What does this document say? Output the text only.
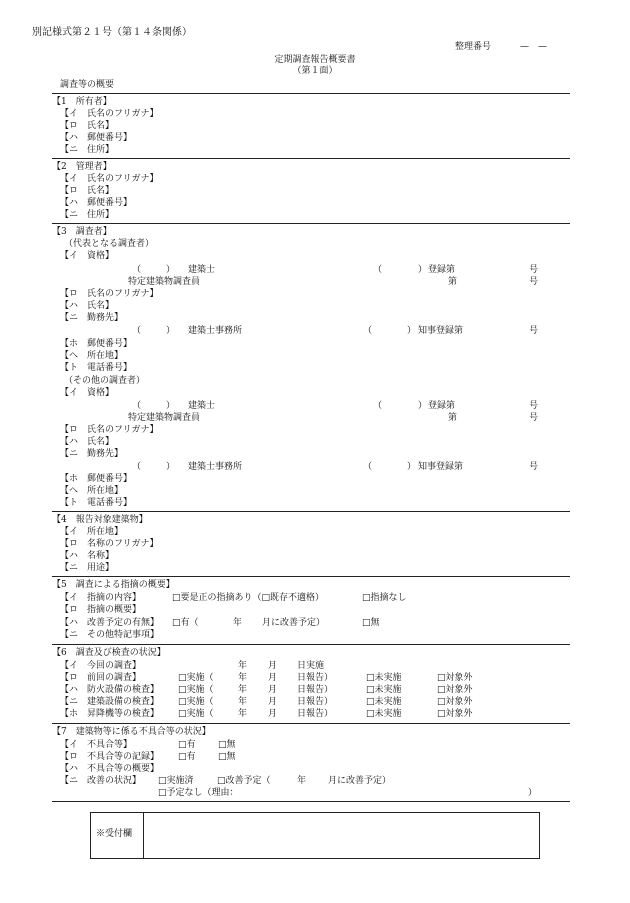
別記様式第２１号（第１４条関係）
整理番号	—　—
定期調査報告概要書
（第１面）
調査等の概要
【1　所有者】
【イ　氏名のフリガナ】
【ロ　氏名】
【ハ　郵便番号】
【ニ　住所】
【2　管理者】
【イ　氏名のフリガナ】
【ロ　氏名】
【ハ　郵便番号】
【ニ　住所】
【3　調査者】
（代表となる調査者）
【イ　資格】
（	） 建築士	（	） 登録第	号
特定建築物調査員	第	号
【ロ　氏名のフリガナ】
【ハ　氏名】
【ニ　勤務先】
（	） 建築士事務所	（	） 知事登録第	号
【ホ　郵便番号】
【ヘ　所在地】
【ト　電話番号】
（その他の調査者）
【イ　資格】
（	） 建築士	（	） 登録第	号
特定建築物調査員	第	号
【ロ　氏名のフリガナ】
【ハ　氏名】
【ニ　勤務先】
（	） 建築士事務所	（	） 知事登録第	号
【ホ　郵便番号】
【ヘ　所在地】
【ト　電話番号】
【4　報告対象建築物】
【イ　所在地】
【ロ　名称のフリガナ】
【ハ　名称】
【ニ　用途】
【5　調査による指摘の概要】
【イ　指摘の内容】	□要是正の指摘あり（□既存不適格）	□指摘なし
【ロ　指摘の概要】
【ハ　改善予定の有無】 □有（	年 月に改善予定）	□無
【ニ　その他特記事項】
【6　調査及び検査の状況】
【イ　今回の調査】	年 月 日実施
【ロ　前回の調査】	□実施（	年 月 日報告）	□未実施	□対象外
【ハ　防火設備の検査】 □実施（	年 月 日報告）	□未実施	□対象外
【ニ　建築設備の検査】 □実施（	年 月 日報告）	□未実施	□対象外
【ホ　昇降機等の検査】 □実施（	年 月 日報告）	□未実施	□対象外
【7　建築物等に係る不具合等の状況】
【イ　不具合等】	□有 □無
【ロ　不具合等の記録】 □有 □無
【ハ　不具合等の概要】
【ニ　改善の状況】 □実施済	□改善予定（	年 月に改善予定）
□予定なし（理由：	）
※受付欄
